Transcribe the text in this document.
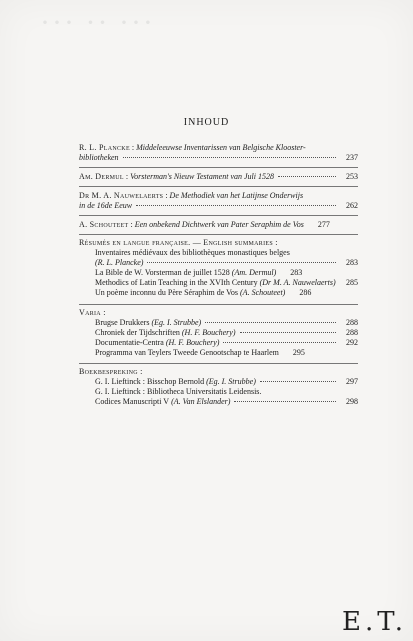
··· ·· ···
INHOUD
R. L. Plancke : Middeleeuwse Inventarissen van Belgische Klooster-
bibliotheken	237
Am. Dermul : Vorsterman's Nieuw Testament van Juli 1528	253
Dr M. A. Nauwelaerts : De Methodiek van het Latijnse Onderwijs
in de 16de Eeuw	262
A. Schouteet : Een onbekend Dichtwerk van Pater Seraphim de Vos	277
Résumés en langue française. — English summaries :
Inventaires médiévaux des bibliothèques monastiques belges
(R. L. Plancke)	283
La Bible de W. Vorsterman de juillet 1528
(Am. Dermul)	283
Methodics of Latin Teaching in the XVIth Century
(Dr M. A. Nauwelaerts) 285
Un poème inconnu du Père Séraphim de Vos
(A. Schouteet)	286
Varia :
Brugse Drukkers
(Eg. I. Strubbe)	288
Chroniek der Tijdschriften
(H. F. Bouchery)	288
Documentatie-Centra
(H. F. Bouchery)	292
Programma van Teylers Tweede Genootschap te Haarlem	295
Boekbespreking :
G. I. Lieftinck : Bisschop Bernold
(Eg. I. Strubbe)	297
G. I. Lieftinck : Bibliotheca Universitatis Leidensis.
Codices Manuscripti V
(A. Van Elslander)	298
E.T.
